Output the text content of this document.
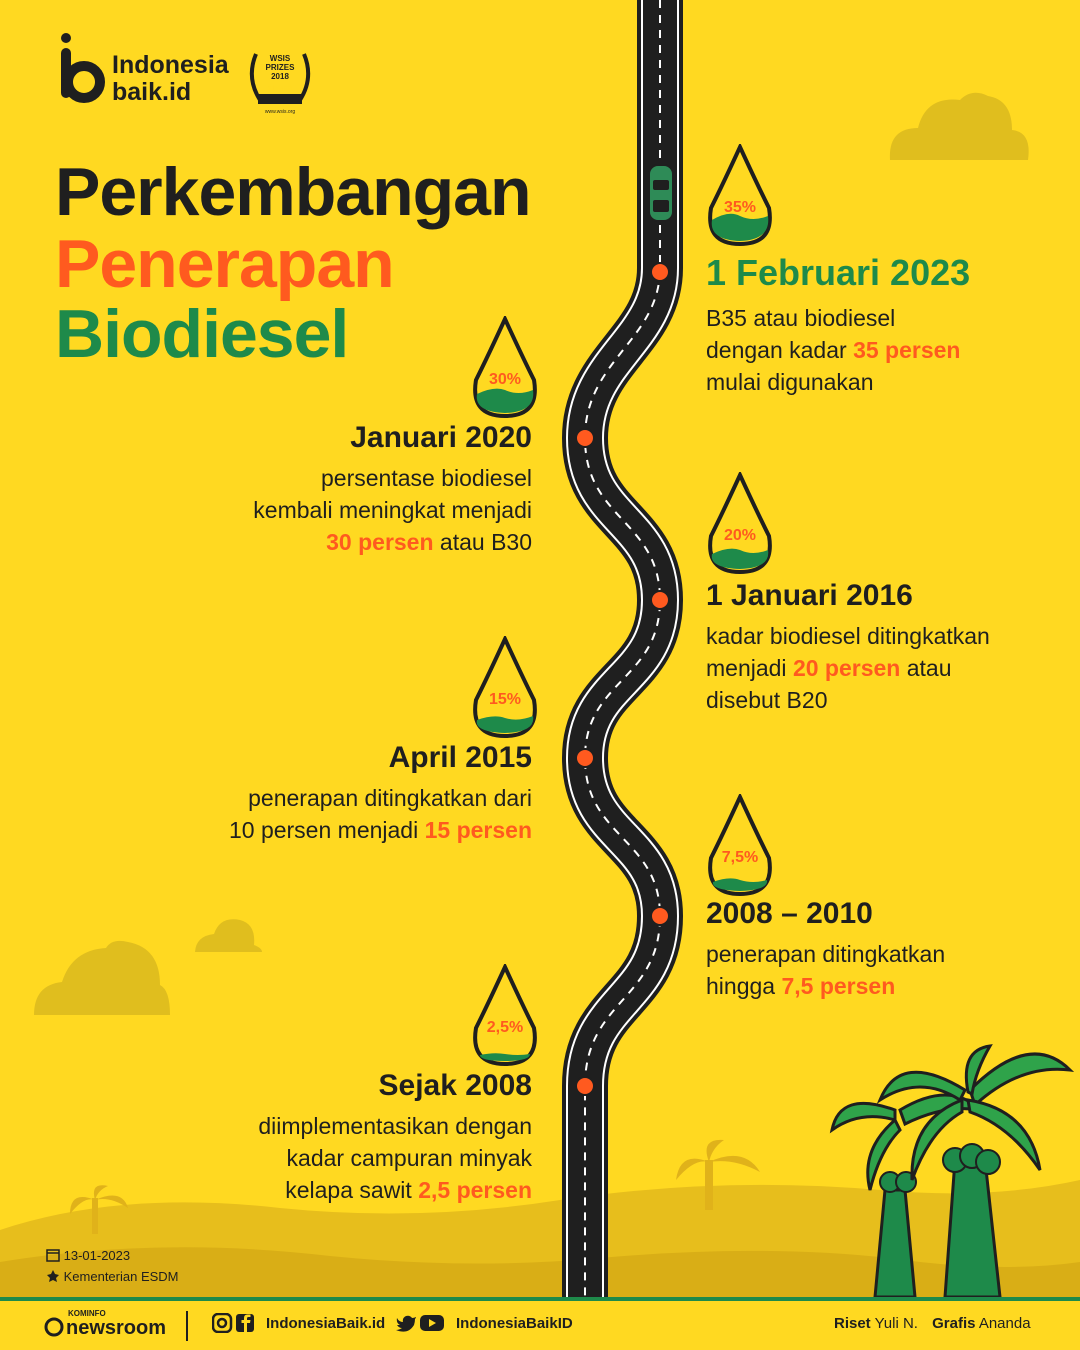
Indonesia
baik.id
WSIS
PRIZES
2018
WINNER
www.wsis.org
Perkembangan
Penerapan
Biodiesel
35%
30%
20%
15%
7,5%
2,5%
1 Februari 2023
B35 atau biodiesel
dengan kadar 35 persen
mulai digunakan
Januari 2020
persentase biodiesel
kembali meningkat menjadi
30 persen atau B30
1 Januari 2016
kadar biodiesel ditingkatkan
menjadi 20 persen atau
disebut B20
April 2015
penerapan ditingkatkan dari
10 persen menjadi 15 persen
2008 – 2010
penerapan ditingkatkan
hingga 7,5 persen
Sejak 2008
diimplementasikan dengan
kadar campuran minyak
kelapa sawit 2,5 persen
13-01-2023
Kementerian ESDM
KOMINFO
newsroom	IndonesiaBaik.id	IndonesiaBaikID	Riset Yuli N. Grafis Ananda
